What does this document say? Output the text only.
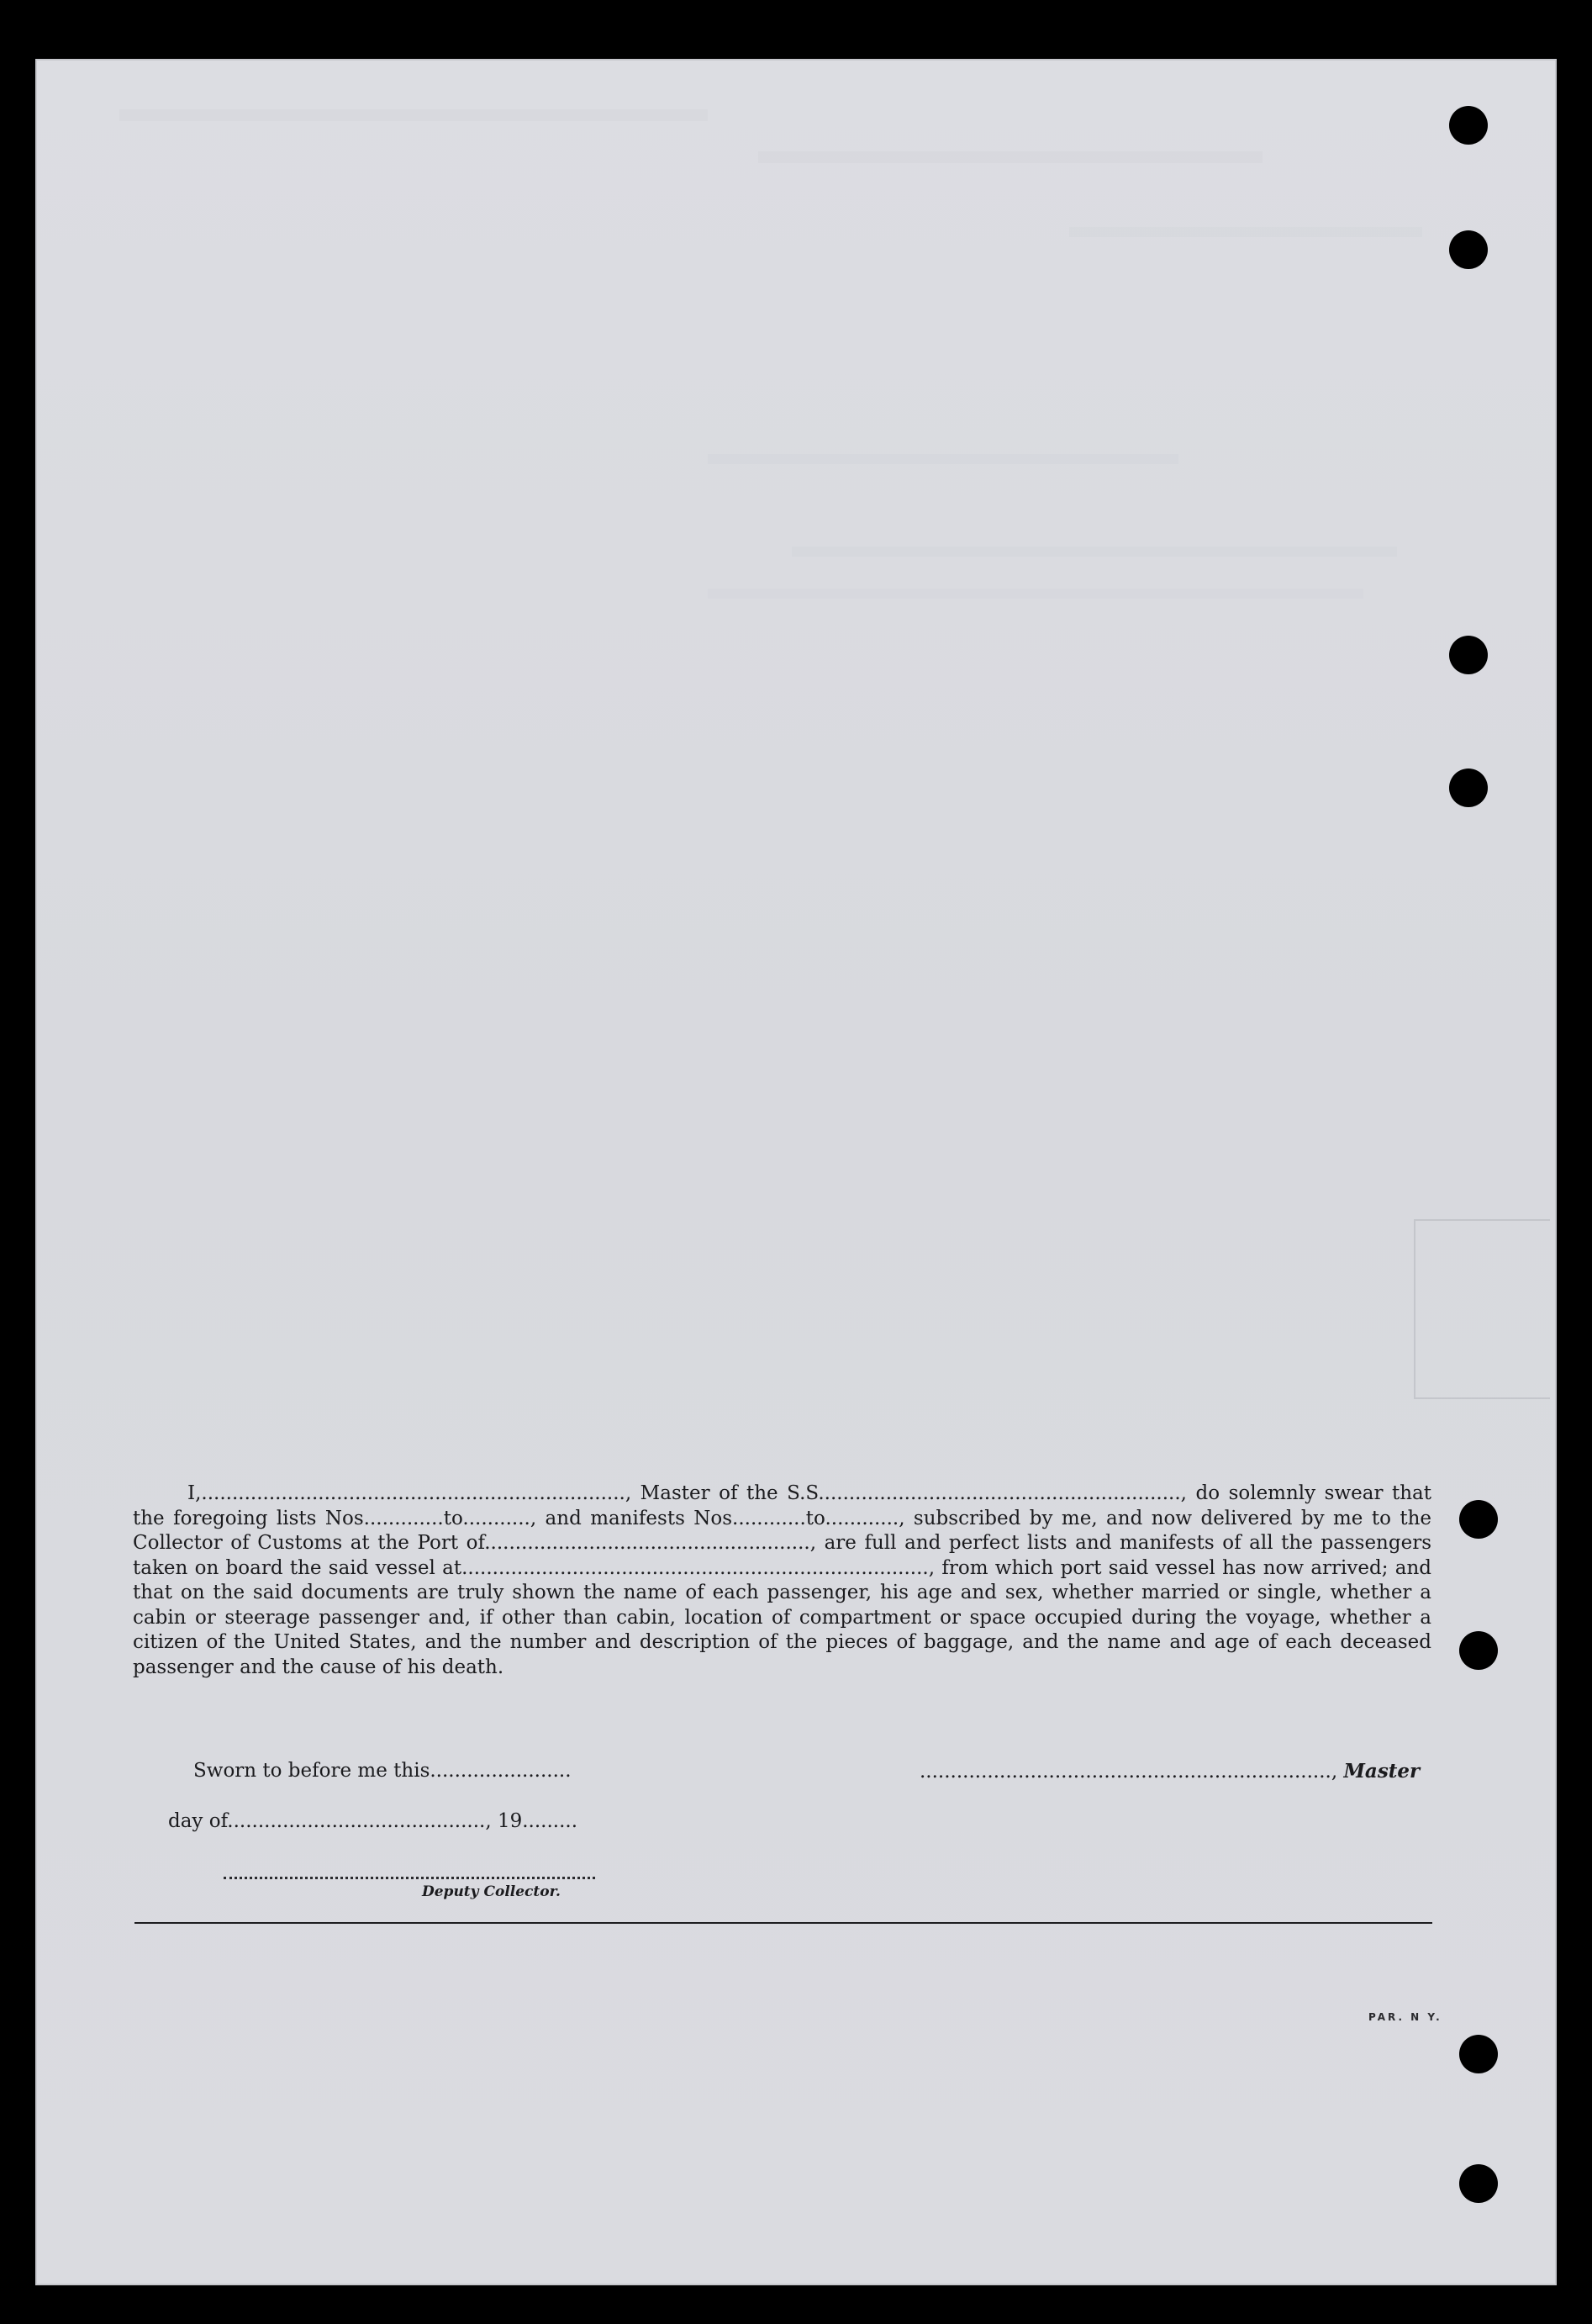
I,....................................................................., Master of the S.S..........................................................., do solemnly swear that the foregoing lists Nos.............to..........., and manifests Nos............to............, subscribed by me, and now delivered by me to the Collector of Customs at the Port of....................................................., are full and perfect lists and manifests of all the passengers taken on board the said vessel at............................................................................, from which port said vessel has now arrived; and that on the said documents are truly shown the name of each passenger, his age and sex, whether married or single, whether a cabin or steerage passenger and, if other than cabin, location of compartment or space occupied during the voyage, whether a citizen of the United States, and the number and description of the pieces of baggage, and the name and age of each deceased passenger and the cause of his death.

Sworn to before me this.......................	..................................................................., Master
day of.........................................., 19.........
Deputy Collector.
PAR. N Y.
